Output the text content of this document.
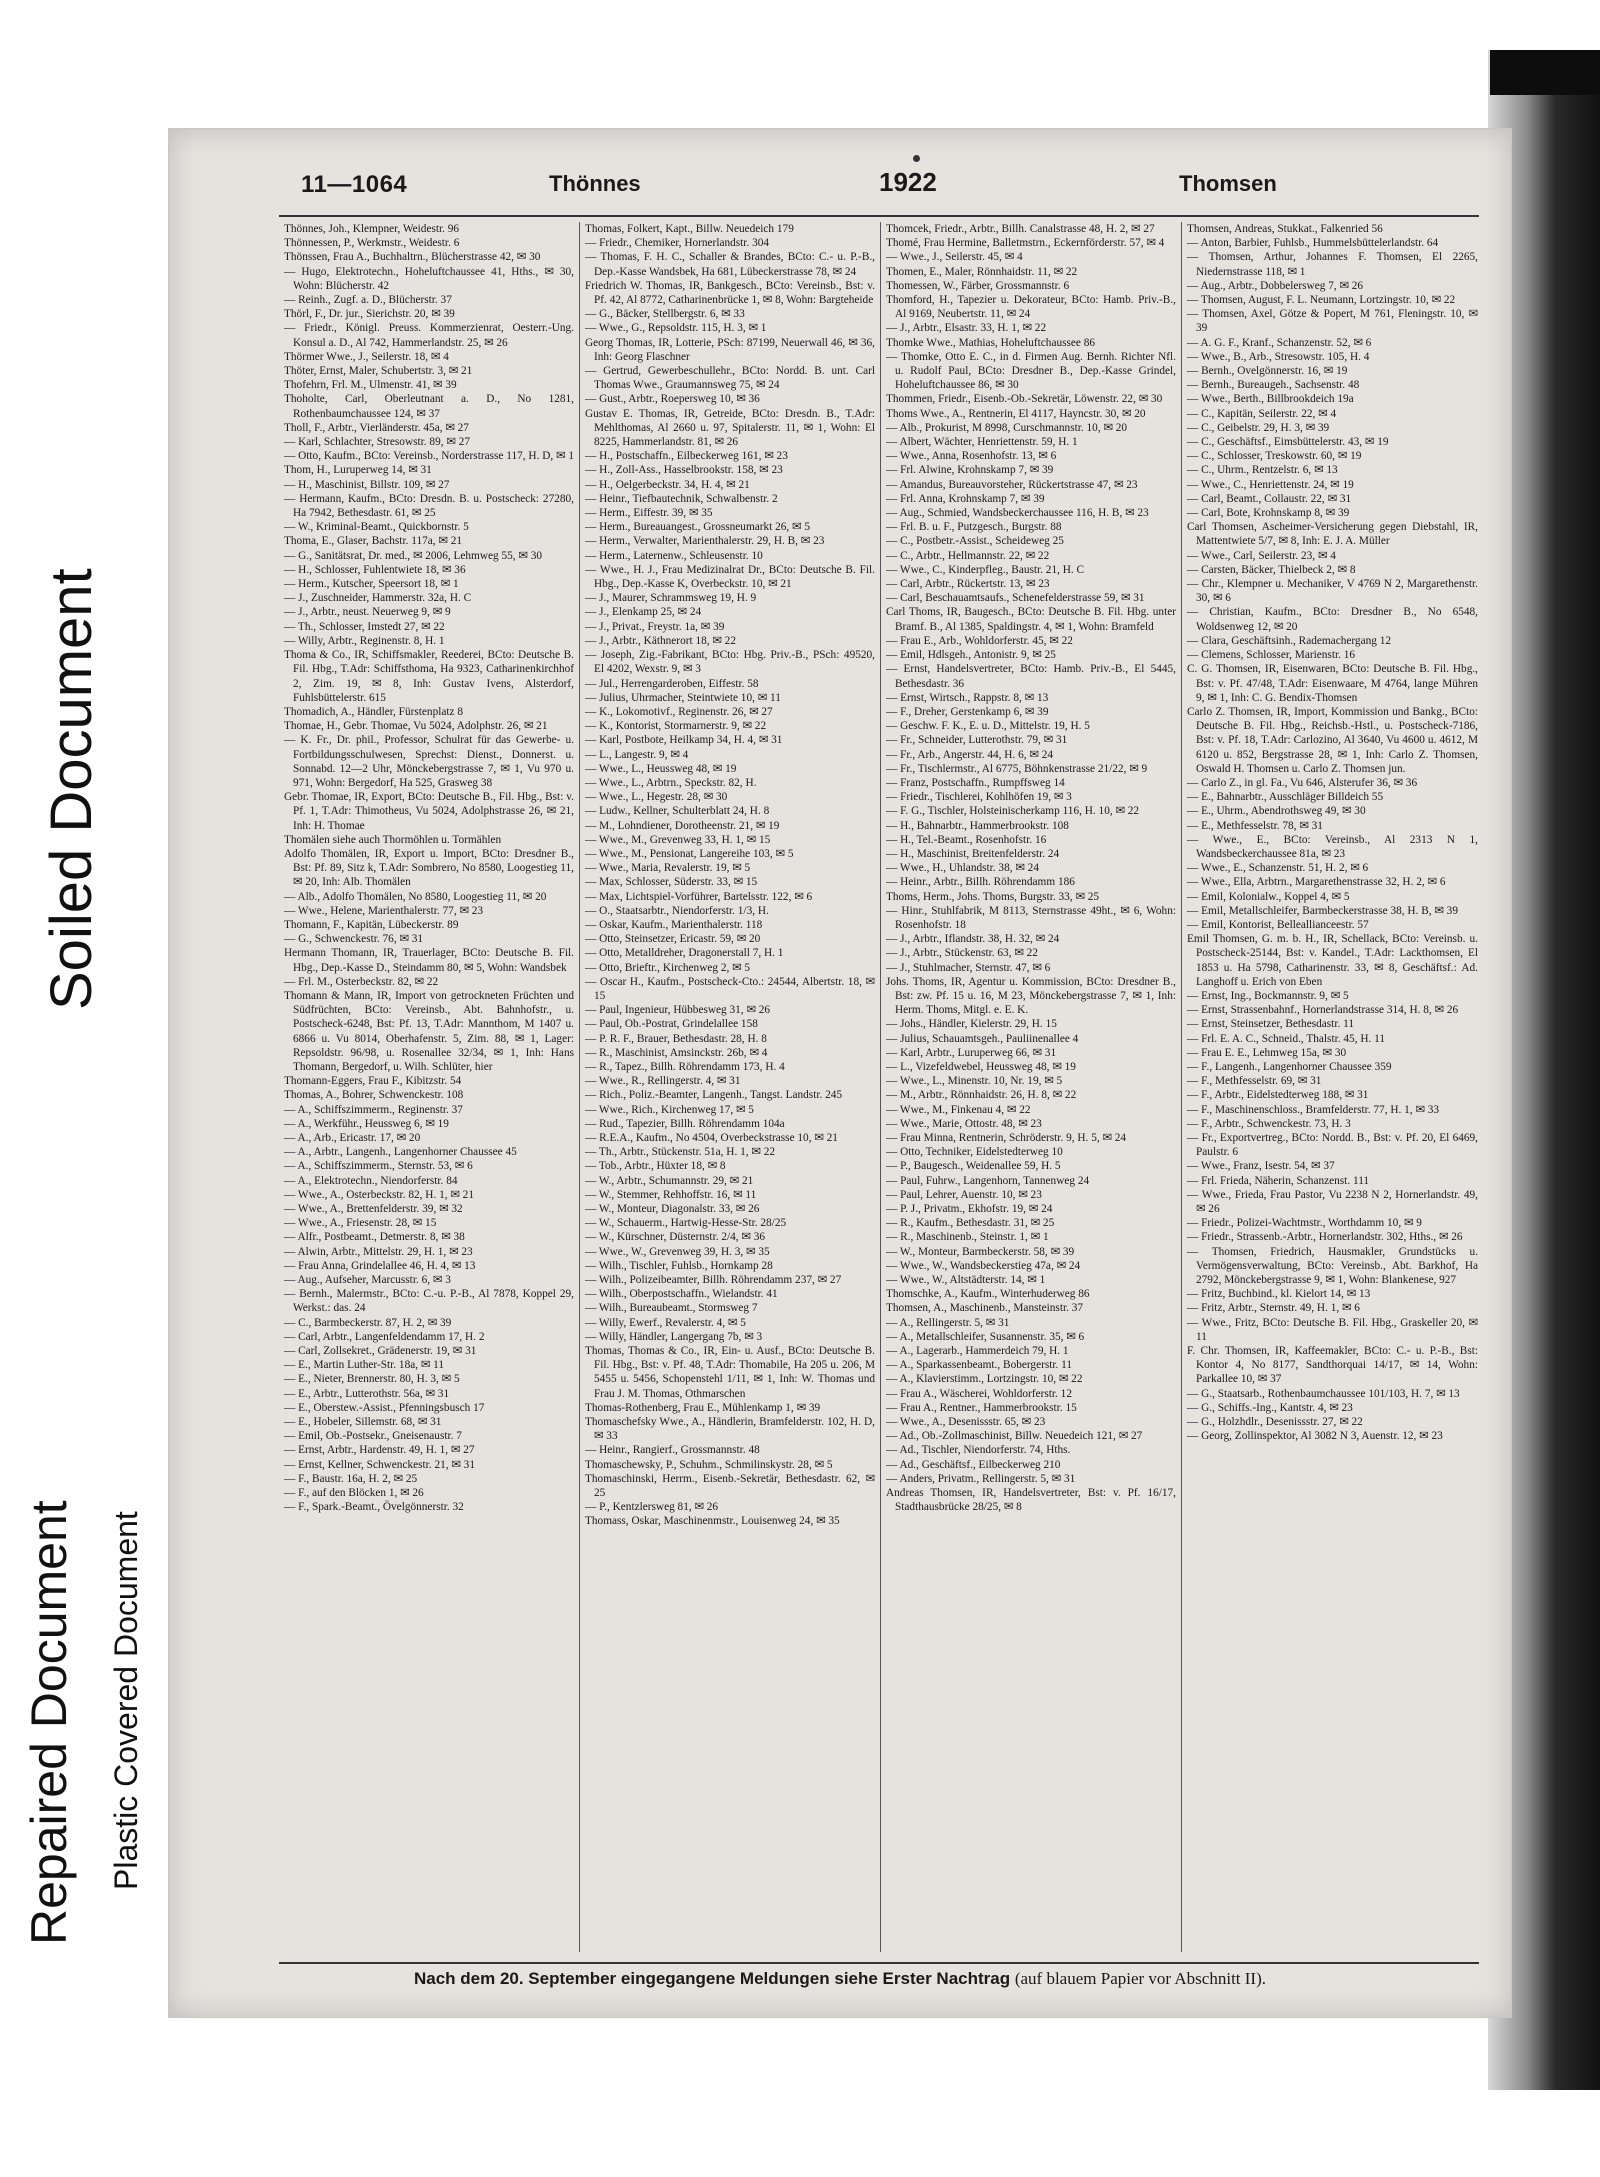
Soiled Document
Repaired Document Plastic Covered Document
11—1064	Thönnes	1922	Thomsen

Thönnes, Joh., Klempner, Weidestr. 96

Thönnessen, P., Werkmstr., Weidestr. 6

Thönssen, Frau A., Buchhaltrn., Blücherstrasse 42, ✉ 30

— Hugo, Elektrotechn., Hoheluftchaussee 41, Hths., ✉ 30, Wohn: Blücherstr. 42

— Reinh., Zugf. a. D., Blücherstr. 37

Thörl, F., Dr. jur., Sierichstr. 20, ✉ 39

— Friedr., Königl. Preuss. Kommerzienrat, Oesterr.-Ung. Konsul a. D., Al 742, Hammerlandstr. 25, ✉ 26

Thörmer Wwe., J., Seilerstr. 18, ✉ 4

Thöter, Ernst, Maler, Schubertstr. 3, ✉ 21

Thofehrn, Frl. M., Ulmenstr. 41, ✉ 39

Thoholte, Carl, Oberleutnant a. D., No 1281, Rothenbaumchaussee 124, ✉ 37

Tholl, F., Arbtr., Vierländerstr. 45a, ✉ 27

— Karl, Schlachter, Stresowstr. 89, ✉ 27

— Otto, Kaufm., BCto: Vereinsb., Norderstrasse 117, H. D, ✉ 1

Thom, H., Luruperweg 14, ✉ 31

— H., Maschinist, Billstr. 109, ✉ 27

— Hermann, Kaufm., BCto: Dresdn. B. u. Postscheck: 27280, Ha 7942, Bethesdastr. 61, ✉ 25

— W., Kriminal-Beamt., Quickbornstr. 5

Thoma, E., Glaser, Bachstr. 117a, ✉ 21

— G., Sanitätsrat, Dr. med., ✉ 2006, Lehmweg 55, ✉ 30

— H., Schlosser, Fuhlentwiete 18, ✉ 36

— Herm., Kutscher, Speersort 18, ✉ 1

— J., Zuschneider, Hammerstr. 32a, H. C

— J., Arbtr., neust. Neuerweg 9, ✉ 9

— Th., Schlosser, Imstedt 27, ✉ 22

— Willy, Arbtr., Reginenstr. 8, H. 1

Thoma & Co., IR, Schiffsmakler, Reederei, BCto: Deutsche B. Fil. Hbg., T.Adr: Schiffsthoma, Ha 9323, Catharinenkirchhof 2, Zim. 19, ✉ 8, Inh: Gustav Ivens, Alsterdorf, Fuhlsbüttelerstr. 615

Thomadich, A., Händler, Fürstenplatz 8

Thomae, H., Gebr. Thomae, Vu 5024, Adolphstr. 26, ✉ 21

— K. Fr., Dr. phil., Professor, Schulrat für das Gewerbe- u. Fortbildungsschulwesen, Sprechst: Dienst., Donnerst. u. Sonnabd. 12—2 Uhr, Mönckebergstrasse 7, ✉ 1, Vu 970 u. 971, Wohn: Bergedorf, Ha 525, Grasweg 38

Gebr. Thomae, IR, Export, BCto: Deutsche B., Fil. Hbg., Bst: v. Pf. 1, T.Adr: Thimotheus, Vu 5024, Adolphstrasse 26, ✉ 21, Inh: H. Thomae

Thomälen siehe auch Thormöhlen u. Tormählen

Adolfo Thomälen, IR, Export u. Import, BCto: Dresdner B., Bst: Pf. 89, Sitz k, T.Adr: Sombrero, No 8580, Loogestieg 11, ✉ 20, Inh: Alb. Thomälen

— Alb., Adolfo Thomälen, No 8580, Loogestieg 11, ✉ 20

— Wwe., Helene, Marienthalerstr. 77, ✉ 23

Thomann, F., Kapitän, Lübeckerstr. 89

— G., Schwenckestr. 76, ✉ 31

Hermann Thomann, IR, Trauerlager, BCto: Deutsche B. Fil. Hbg., Dep.-Kasse D., Steindamm 80, ✉ 5, Wohn: Wandsbek

— Frl. M., Osterbeckstr. 82, ✉ 22

Thomann & Mann, IR, Import von getrockneten Früchten und Südfrüchten, BCto: Vereinsb., Abt. Bahnhofstr., u. Postscheck-6248, Bst: Pf. 13, T.Adr: Mannthom, M 1407 u. 6866 u. Vu 8014, Oberhafenstr. 5, Zim. 88, ✉ 1, Lager: Repsoldstr. 96/98, u. Rosenallee 32/34, ✉ 1, Inh: Hans Thomann, Bergedorf, u. Wilh. Schlüter, hier

Thomann-Eggers, Frau F., Kibitzstr. 54

Thomas, A., Bohrer, Schwenckestr. 108

— A., Schiffszimmerm., Reginenstr. 37

— A., Werkführ., Heussweg 6, ✉ 19

— A., Arb., Ericastr. 17, ✉ 20

— A., Arbtr., Langenh., Langenhorner Chaussee 45

— A., Schiffszimmerm., Sternstr. 53, ✉ 6

— A., Elektrotechn., Niendorferstr. 84

— Wwe., A., Osterbeckstr. 82, H. 1, ✉ 21

— Wwe., A., Brettenfelderstr. 39, ✉ 32

— Wwe., A., Friesenstr. 28, ✉ 15

— Alfr., Postbeamt., Detmerstr. 8, ✉ 38

— Alwin, Arbtr., Mittelstr. 29, H. 1, ✉ 23

— Frau Anna, Grindelallee 46, H. 4, ✉ 13

— Aug., Aufseher, Marcusstr. 6, ✉ 3

— Bernh., Malermstr., BCto: C.-u. P.-B., Al 7878, Koppel 29, Werkst.: das. 24

— C., Barmbeckerstr. 87, H. 2, ✉ 39

— Carl, Arbtr., Langenfeldendamm 17, H. 2

— Carl, Zollsekret., Grädenerstr. 19, ✉ 31

— E., Martin Luther-Str. 18a, ✉ 11

— E., Nieter, Brennerstr. 80, H. 3, ✉ 5

— E., Arbtr., Lutterothstr. 56a, ✉ 31

— E., Oberstew.-Assist., Pfenningsbusch 17

— E., Hobeler, Sillemstr. 68, ✉ 31

— Emil, Ob.-Postsekr., Gneisenaustr. 7

— Ernst, Arbtr., Hardenstr. 49, H. 1, ✉ 27

— Ernst, Kellner, Schwenckestr. 21, ✉ 31

— F., Baustr. 16a, H. 2, ✉ 25

— F., auf den Blöcken 1, ✉ 26

— F., Spark.-Beamt., Övelgönnerstr. 32

Thomas, Folkert, Kapt., Billw. Neuedeich 179

— Friedr., Chemiker, Hornerlandstr. 304

— Thomas, F. H. C., Schaller & Brandes, BCto: C.- u. P.-B., Dep.-Kasse Wandsbek, Ha 681, Lübeckerstrasse 78, ✉ 24

Friedrich W. Thomas, IR, Bankgesch., BCto: Vereinsb., Bst: v. Pf. 42, Al 8772, Catharinenbrücke 1, ✉ 8, Wohn: Bargteheide

— G., Bäcker, Stellbergstr. 6, ✉ 33

— Wwe., G., Repsoldstr. 115, H. 3, ✉ 1

Georg Thomas, IR, Lotterie, PSch: 87199, Neuerwall 46, ✉ 36, Inh: Georg Flaschner

— Gertrud, Gewerbeschullehr., BCto: Nordd. B. unt. Carl Thomas Wwe., Graumannsweg 75, ✉ 24

— Gust., Arbtr., Roepersweg 10, ✉ 36

Gustav E. Thomas, IR, Getreide, BCto: Dresdn. B., T.Adr: Mehlthomas, Al 2660 u. 97, Spitalerstr. 11, ✉ 1, Wohn: El 8225, Hammerlandstr. 81, ✉ 26

— H., Postschaffn., Eilbeckerweg 161, ✉ 23

— H., Zoll-Ass., Hasselbrookstr. 158, ✉ 23

— H., Oelgerbeckstr. 34, H. 4, ✉ 21

— Heinr., Tiefbautechnik, Schwalbenstr. 2

— Herm., Eiffestr. 39, ✉ 35

— Herm., Bureauangest., Grossneumarkt 26, ✉ 5

— Herm., Verwalter, Marienthalerstr. 29, H. B, ✉ 23

— Herm., Laternenw., Schleusenstr. 10

— Wwe., H. J., Frau Medizinalrat Dr., BCto: Deutsche B. Fil. Hbg., Dep.-Kasse K, Overbeckstr. 10, ✉ 21

— J., Maurer, Schrammsweg 19, H. 9

— J., Elenkamp 25, ✉ 24

— J., Privat., Freystr. 1a, ✉ 39

— J., Arbtr., Käthnerort 18, ✉ 22

— Joseph, Zig.-Fabrikant, BCto: Hbg. Priv.-B., PSch: 49520, El 4202, Wexstr. 9, ✉ 3

— Jul., Herrengarderoben, Eiffestr. 58

— Julius, Uhrmacher, Steintwiete 10, ✉ 11

— K., Lokomotivf., Reginenstr. 26, ✉ 27

— K., Kontorist, Stormarnerstr. 9, ✉ 22

— Karl, Postbote, Heilkamp 34, H. 4, ✉ 31

— L., Langestr. 9, ✉ 4

— Wwe., L., Heussweg 48, ✉ 19

— Wwe., L., Arbtrn., Speckstr. 82, H.

— Wwe., L., Hegestr. 28, ✉ 30

— Ludw., Kellner, Schulterblatt 24, H. 8

— M., Lohndiener, Dorotheenstr. 21, ✉ 19

— Wwe., M., Grevenweg 33, H. 1, ✉ 15

— Wwe., M., Pensionat, Langereihe 103, ✉ 5

— Wwe., Maria, Revalerstr. 19, ✉ 5

— Max, Schlosser, Süderstr. 33, ✉ 15

— Max, Lichtspiel-Vorführer, Bartelsstr. 122, ✉ 6

— O., Staatsarbtr., Niendorferstr. 1/3, H.

— Oskar, Kaufm., Marienthalerstr. 118

— Otto, Steinsetzer, Ericastr. 59, ✉ 20

— Otto, Metalldreher, Dragonerstall 7, H. 1

— Otto, Brieftr., Kirchenweg 2, ✉ 5

— Oscar H., Kaufm., Postscheck-Cto.: 24544, Albertstr. 18, ✉ 15

— Paul, Ingenieur, Hübbesweg 31, ✉ 26

— Paul, Ob.-Postrat, Grindelallee 158

— P. R. F., Brauer, Bethesdastr. 28, H. 8

— R., Maschinist, Amsinckstr. 26b, ✉ 4

— R., Tapez., Billh. Röhrendamm 173, H. 4

— Wwe., R., Rellingerstr. 4, ✉ 31

— Rich., Poliz.-Beamter, Langenh., Tangst. Landstr. 245

— Wwe., Rich., Kirchenweg 17, ✉ 5

— Rud., Tapezier, Billh. Röhrendamm 104a

— R.E.A., Kaufm., No 4504, Overbeckstrasse 10, ✉ 21

— Th., Arbtr., Stückenstr. 51a, H. 1, ✉ 22

— Tob., Arbtr., Hüxter 18, ✉ 8

— W., Arbtr., Schumannstr. 29, ✉ 21

— W., Stemmer, Rehhoffstr. 16, ✉ 11

— W., Monteur, Diagonalstr. 33, ✉ 26

— W., Schauerm., Hartwig-Hesse-Str. 28/25

— W., Kürschner, Düsternstr. 2/4, ✉ 36

— Wwe., W., Grevenweg 39, H. 3, ✉ 35

— Wilh., Tischler, Fuhlsb., Hornkamp 28

— Wilh., Polizeibeamter, Billh. Röhrendamm 237, ✉ 27

— Wilh., Oberpostschaffn., Wielandstr. 41

— Wilh., Bureaubeamt., Stormsweg 7

— Willy, Ewerf., Revalerstr. 4, ✉ 5

— Willy, Händler, Langergang 7b, ✉ 3

Thomas, Thomas & Co., IR, Ein- u. Ausf., BCto: Deutsche B. Fil. Hbg., Bst: v. Pf. 48, T.Adr: Thomabile, Ha 205 u. 206, M 5455 u. 5456, Schopenstehl 1/11, ✉ 1, Inh: W. Thomas und Frau J. M. Thomas, Othmarschen

Thomas-Rothenberg, Frau E., Mühlenkamp 1, ✉ 39

Thomaschefsky Wwe., A., Händlerin, Bramfelderstr. 102, H. D, ✉ 33

— Heinr., Rangierf., Grossmannstr. 48

Thomaschewsky, P., Schuhm., Schmilinskystr. 28, ✉ 5

Thomaschinski, Herrm., Eisenb.-Sekretär, Bethesdastr. 62, ✉ 25

— P., Kentzlersweg 81, ✉ 26

Thomass, Oskar, Maschinenmstr., Louisenweg 24, ✉ 35

Thomcek, Friedr., Arbtr., Billh. Canalstrasse 48, H. 2, ✉ 27

Thomé, Frau Hermine, Balletmstrn., Eckernförderstr. 57, ✉ 4

— Wwe., J., Seilerstr. 45, ✉ 4

Thomen, E., Maler, Rönnhaidstr. 11, ✉ 22

Thomessen, W., Färber, Grossmannstr. 6

Thomford, H., Tapezier u. Dekorateur, BCto: Hamb. Priv.-B., Al 9169, Neubertstr. 11, ✉ 24

— J., Arbtr., Elsastr. 33, H. 1, ✉ 22

Thomke Wwe., Mathias, Hoheluftchaussee 86

— Thomke, Otto E. C., in d. Firmen Aug. Bernh. Richter Nfl. u. Rudolf Paul, BCto: Dresdner B., Dep.-Kasse Grindel, Hoheluftchaussee 86, ✉ 30

Thommen, Friedr., Eisenb.-Ob.-Sekretär, Löwenstr. 22, ✉ 30

Thoms Wwe., A., Rentnerin, El 4117, Hayncstr. 30, ✉ 20

— Alb., Prokurist, M 8998, Curschmannstr. 10, ✉ 20

— Albert, Wächter, Henriettenstr. 59, H. 1

— Wwe., Anna, Rosenhofstr. 13, ✉ 6

— Frl. Alwine, Krohnskamp 7, ✉ 39

— Amandus, Bureauvorsteher, Rückertstrasse 47, ✉ 23

— Frl. Anna, Krohnskamp 7, ✉ 39

— Aug., Schmied, Wandsbeckerchaussee 116, H. B, ✉ 23

— Frl. B. u. F., Putzgesch., Burgstr. 88

— C., Postbetr.-Assist., Scheideweg 25

— C., Arbtr., Hellmannstr. 22, ✉ 22

— Wwe., C., Kinderpfleg., Baustr. 21, H. C

— Carl, Arbtr., Rückertstr. 13, ✉ 23

— Carl, Beschauamtsaufs., Schenefelderstrasse 59, ✉ 31

Carl Thoms, IR, Baugesch., BCto: Deutsche B. Fil. Hbg. unter Bramf. B., Al 1385, Spaldingstr. 4, ✉ 1, Wohn: Bramfeld

— Frau E., Arb., Wohldorferstr. 45, ✉ 22

— Emil, Hdlsgeh., Antonistr. 9, ✉ 25

— Ernst, Handelsvertreter, BCto: Hamb. Priv.-B., El 5445, Bethesdastr. 36

— Ernst, Wirtsch., Rappstr. 8, ✉ 13

— F., Dreher, Gerstenkamp 6, ✉ 39

— Geschw. F. K., E. u. D., Mittelstr. 19, H. 5

— Fr., Schneider, Lutterothstr. 79, ✉ 31

— Fr., Arb., Angerstr. 44, H. 6, ✉ 24

— Fr., Tischlermstr., Al 6775, Böhnkenstrasse 21/22, ✉ 9

— Franz, Postschaffn., Rumpffsweg 14

— Friedr., Tischlerei, Kohlhöfen 19, ✉ 3

— F. G., Tischler, Holsteinischerkamp 116, H. 10, ✉ 22

— H., Bahnarbtr., Hammerbrookstr. 108

— H., Tel.-Beamt., Rosenhofstr. 16

— H., Maschinist, Breitenfelderstr. 24

— Wwe., H., Uhlandstr. 38, ✉ 24

— Heinr., Arbtr., Billh. Röhrendamm 186

Thoms, Herm., Johs. Thoms, Burgstr. 33, ✉ 25

— Hinr., Stuhlfabrik, M 8113, Sternstrasse 49ht., ✉ 6, Wohn: Rosenhofstr. 18

— J., Arbtr., Iflandstr. 38, H. 32, ✉ 24

— J., Arbtr., Stückenstr. 63, ✉ 22

— J., Stuhlmacher, Sternstr. 47, ✉ 6

Johs. Thoms, IR, Agentur u. Kommission, BCto: Dresdner B., Bst: zw. Pf. 15 u. 16, M 23, Mönckebergstrasse 7, ✉ 1, Inh: Herm. Thoms, Mitgl. e. E. K.

— Johs., Händler, Kielerstr. 29, H. 15

— Julius, Schauamtsgeh., Pauliinenallee 4

— Karl, Arbtr., Luruperweg 66, ✉ 31

— L., Vizefeldwebel, Heussweg 48, ✉ 19

— Wwe., L., Minenstr. 10, Nr. 19, ✉ 5

— M., Arbtr., Rönnhaidstr. 26, H. 8, ✉ 22

— Wwe., M., Finkenau 4, ✉ 22

— Wwe., Marie, Ottostr. 48, ✉ 23

— Frau Minna, Rentnerin, Schröderstr. 9, H. 5, ✉ 24

— Otto, Techniker, Eidelstedterweg 10

— P., Baugesch., Weidenallee 59, H. 5

— Paul, Fuhrw., Langenhorn, Tannenweg 24

— Paul, Lehrer, Auenstr. 10, ✉ 23

— P. J., Privatm., Ekhofstr. 19, ✉ 24

— R., Kaufm., Bethesdastr. 31, ✉ 25

— R., Maschinenb., Steinstr. 1, ✉ 1

— W., Monteur, Barmbeckerstr. 58, ✉ 39

— Wwe., W., Wandsbeckerstieg 47a, ✉ 24

— Wwe., W., Altstädterstr. 14, ✉ 1

Thomschke, A., Kaufm., Winterhuderweg 86

Thomsen, A., Maschinenb., Mansteinstr. 37

— A., Rellingerstr. 5, ✉ 31

— A., Metallschleifer, Susannenstr. 35, ✉ 6

— A., Lagerarb., Hammerdeich 79, H. 1

— A., Sparkassenbeamt., Bobergerstr. 11

— A., Klavierstimm., Lortzingstr. 10, ✉ 22

— Frau A., Wäscherei, Wohldorferstr. 12

— Frau A., Rentner., Hammerbrookstr. 15

— Wwe., A., Desenissstr. 65, ✉ 23

— Ad., Ob.-Zollmaschinist, Billw. Neuedeich 121, ✉ 27

— Ad., Tischler, Niendorferstr. 74, Hths.

— Ad., Geschäftsf., Eilbeckerweg 210

— Anders, Privatm., Rellingerstr. 5, ✉ 31

Andreas Thomsen, IR, Handelsvertreter, Bst: v. Pf. 16/17, Stadthausbrücke 28/25, ✉ 8

Thomsen, Andreas, Stukkat., Falkenried 56

— Anton, Barbier, Fuhlsb., Hummelsbüttelerlandstr. 64

— Thomsen, Arthur, Johannes F. Thomsen, El 2265, Niedernstrasse 118, ✉ 1

— Aug., Arbtr., Dobbelersweg 7, ✉ 26

— Thomsen, August, F. L. Neumann, Lortzingstr. 10, ✉ 22

— Thomsen, Axel, Götze & Popert, M 761, Fleningstr. 10, ✉ 39

— A. G. F., Kranf., Schanzenstr. 52, ✉ 6

— Wwe., B., Arb., Stresowstr. 105, H. 4

— Bernh., Ovelgönnerstr. 16, ✉ 19

— Bernh., Bureaugeh., Sachsenstr. 48

— Wwe., Berth., Billbrookdeich 19a

— C., Kapitän, Seilerstr. 22, ✉ 4

— C., Geibelstr. 29, H. 3, ✉ 39

— C., Geschäftsf., Eimsbüttelerstr. 43, ✉ 19

— C., Schlosser, Treskowstr. 60, ✉ 19

— C., Uhrm., Rentzelstr. 6, ✉ 13

— Wwe., C., Henriettenstr. 24, ✉ 19

— Carl, Beamt., Collaustr. 22, ✉ 31

— Carl, Bote, Krohnskamp 8, ✉ 39

Carl Thomsen, Ascheimer-Versicherung gegen Diebstahl, IR, Mattentwiete 5/7, ✉ 8, Inh: E. J. A. Müller

— Wwe., Carl, Seilerstr. 23, ✉ 4

— Carsten, Bäcker, Thielbeck 2, ✉ 8

— Chr., Klempner u. Mechaniker, V 4769 N 2, Margarethenstr. 30, ✉ 6

— Christian, Kaufm., BCto: Dresdner B., No 6548, Woldsenweg 12, ✉ 20

— Clara, Geschäftsinh., Rademachergang 12

— Clemens, Schlosser, Marienstr. 16

C. G. Thomsen, IR, Eisenwaren, BCto: Deutsche B. Fil. Hbg., Bst: v. Pf. 47/48, T.Adr: Eisenwaare, M 4764, lange Mühren 9, ✉ 1, Inh: C. G. Bendix-Thomsen

Carlo Z. Thomsen, IR, Import, Kommission und Bankg., BCto: Deutsche B. Fil. Hbg., Reichsb.-Hstl., u. Postscheck-7186, Bst: v. Pf. 18, T.Adr: Carlozino, Al 3640, Vu 4600 u. 4612, M 6120 u. 852, Bergstrasse 28, ✉ 1, Inh: Carlo Z. Thomsen, Oswald H. Thomsen u. Carlo Z. Thomsen jun.

— Carlo Z., in gl. Fa., Vu 646, Alsterufer 36, ✉ 36

— E., Bahnarbtr., Ausschläger Billdeich 55

— E., Uhrm., Abendrothsweg 49, ✉ 30

— E., Methfesselstr. 78, ✉ 31

— Wwe., E., BCto: Vereinsb., Al 2313 N 1, Wandsbeckerchaussee 81a, ✉ 23

— Wwe., E., Schanzenstr. 51, H. 2, ✉ 6

— Wwe., Ella, Arbtrn., Margarethenstrasse 32, H. 2, ✉ 6

— Emil, Kolonialw., Koppel 4, ✉ 5

— Emil, Metallschleifer, Barmbeckerstrasse 38, H. B, ✉ 39

— Emil, Kontorist, Belleallianceestr. 57

Emil Thomsen, G. m. b. H., IR, Schellack, BCto: Vereinsb. u. Postscheck-25144, Bst: v. Kandel., T.Adr: Lackthomsen, El 1853 u. Ha 5798, Catharinenstr. 33, ✉ 8, Geschäftsf.: Ad. Langhoff u. Erich von Eben

— Ernst, Ing., Bockmannstr. 9, ✉ 5

— Ernst, Strassenbahnf., Hornerlandstrasse 314, H. 8, ✉ 26

— Ernst, Steinsetzer, Bethesdastr. 11

— Frl. E. A. C., Schneid., Thalstr. 45, H. 11

— Frau E. E., Lehmweg 15a, ✉ 30

— F., Langenh., Langenhorner Chaussee 359

— F., Methfesselstr. 69, ✉ 31

— F., Arbtr., Eidelstedterweg 188, ✉ 31

— F., Maschinenschloss., Bramfelderstr. 77, H. 1, ✉ 33

— F., Arbtr., Schwenckestr. 73, H. 3

— Fr., Exportvertreg., BCto: Nordd. B., Bst: v. Pf. 20, El 6469, Paulstr. 6

— Wwe., Franz, Isestr. 54, ✉ 37

— Frl. Frieda, Näherin, Schanzenst. 111

— Wwe., Frieda, Frau Pastor, Vu 2238 N 2, Hornerlandstr. 49, ✉ 26

— Friedr., Polizei-Wachtmstr., Worthdamm 10, ✉ 9

— Friedr., Strassenb.-Arbtr., Hornerlandstr. 302, Hths., ✉ 26

— Thomsen, Friedrich, Hausmakler, Grundstücks u. Vermögensverwaltung, BCto: Vereinsb., Abt. Barkhof, Ha 2792, Mönckebergstrasse 9, ✉ 1, Wohn: Blankenese, 927

— Fritz, Buchbind., kl. Kielort 14, ✉ 13

— Fritz, Arbtr., Sternstr. 49, H. 1, ✉ 6

— Wwe., Fritz, BCto: Deutsche B. Fil. Hbg., Graskeller 20, ✉ 11

F. Chr. Thomsen, IR, Kaffeemakler, BCto: C.- u. P.-B., Bst: Kontor 4, No 8177, Sandthorquai 14/17, ✉ 14, Wohn: Parkallee 10, ✉ 37

— G., Staatsarb., Rothenbaumchaussee 101/103, H. 7, ✉ 13

— G., Schiffs.-Ing., Kantstr. 4, ✉ 23

— G., Holzhdlr., Desenissstr. 27, ✉ 22

— Georg, Zollinspektor, Al 3082 N 3, Auenstr. 12, ✉ 23

Nach dem 20. September eingegangene Meldungen siehe Erster Nachtrag (auf blauem Papier vor Abschnitt II).
